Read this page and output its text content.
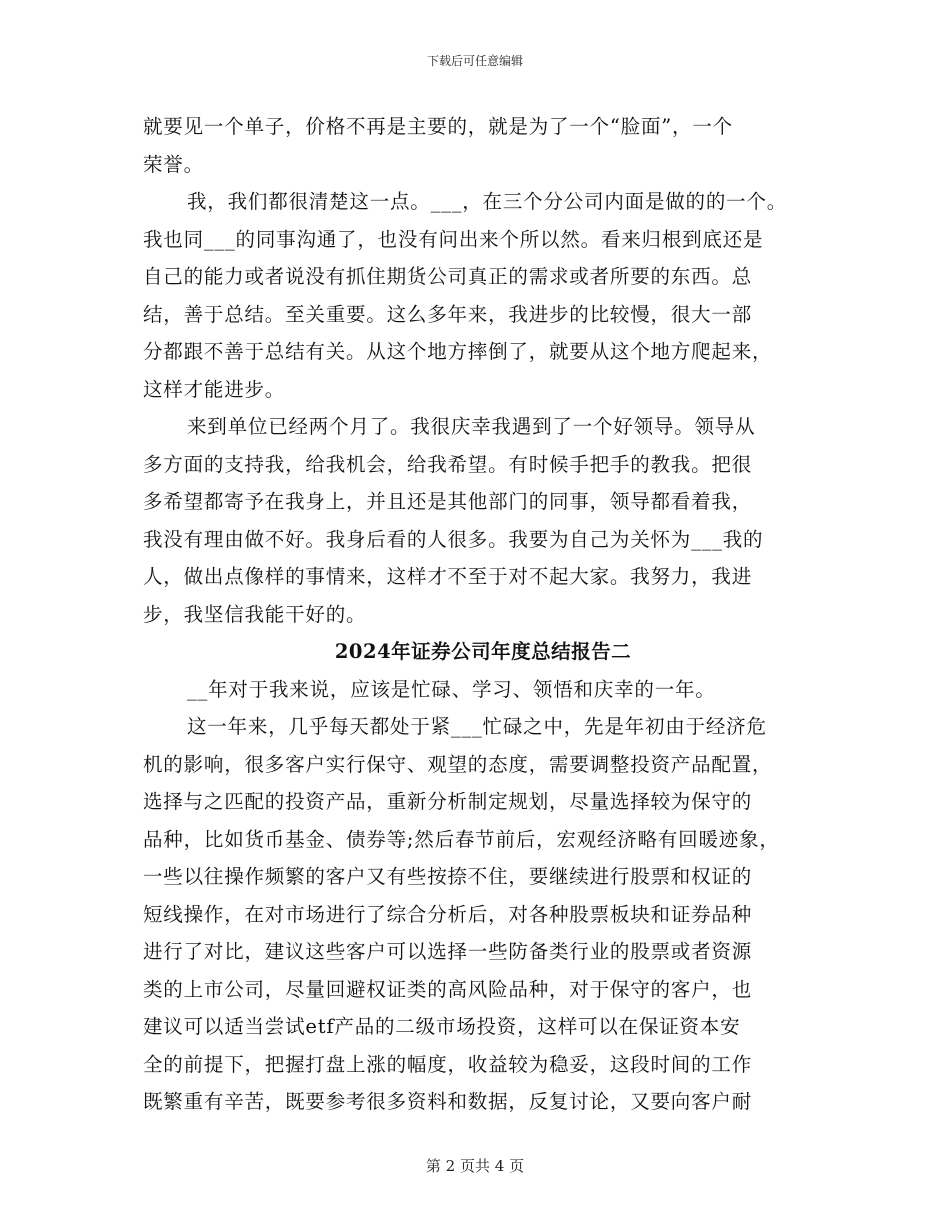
下载后可任意编辑
就要见一个单子，价格不再是主要的，就是为了一个“脸面”，一个
荣誉。
我，我们都很清楚这一点。___，在三个分公司内面是做的的一个。
我也同___的同事沟通了，也没有问出来个所以然。看来归根到底还是
自己的能力或者说没有抓住期货公司真正的需求或者所要的东西。总
结，善于总结。至关重要。这么多年来，我进步的比较慢，很大一部
分都跟不善于总结有关。从这个地方摔倒了，就要从这个地方爬起来，
这样才能进步。
来到单位已经两个月了。我很庆幸我遇到了一个好领导。领导从
多方面的支持我，给我机会，给我希望。有时候手把手的教我。把很
多希望都寄予在我身上，并且还是其他部门的同事，领导都看着我，
我没有理由做不好。我身后看的人很多。我要为自己为关怀为___我的
人，做出点像样的事情来，这样才不至于对不起大家。我努力，我进
步，我坚信我能干好的。
2024年证券公司年度总结报告二
__年对于我来说，应该是忙碌、学习、领悟和庆幸的一年。
这一年来，几乎每天都处于紧___忙碌之中，先是年初由于经济危
机的影响，很多客户实行保守、观望的态度，需要调整投资产品配置，
选择与之匹配的投资产品，重新分析制定规划，尽量选择较为保守的
品种，比如货币基金、债券等;然后春节前后，宏观经济略有回暖迹象，
一些以往操作频繁的客户又有些按捺不住，要继续进行股票和权证的
短线操作，在对市场进行了综合分析后，对各种股票板块和证券品种
进行了对比，建议这些客户可以选择一些防备类行业的股票或者资源
类的上市公司，尽量回避权证类的高风险品种，对于保守的客户，也
建议可以适当尝试etf产品的二级市场投资，这样可以在保证资本安
全的前提下，把握打盘上涨的幅度，收益较为稳妥，这段时间的工作
既繁重有辛苦，既要参考很多资料和数据，反复讨论，又要向客户耐
第 2 页共 4 页
